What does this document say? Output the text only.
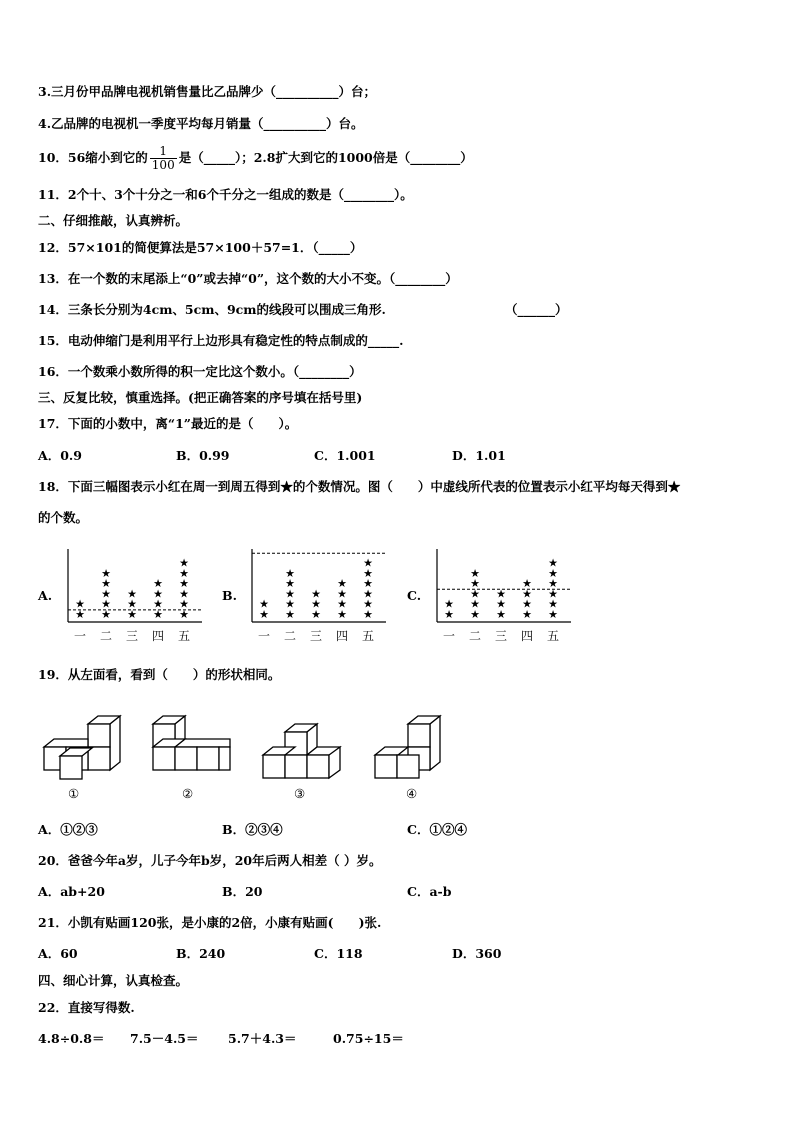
3.三月份甲品牌电视机销售量比乙品牌少（__________）台；
4.乙品牌的电视机一季度平均每月销量（__________）台。
10．56缩小到它的 $\frac{1}{100}$ 是（_____）；2.8扩大到它的1000倍是（________）
11．2个十、3个十分之一和6个千分之一组成的数是（________）。
二、仔细推敲，认真辨析。
12．57×101的简便算法是57×100＋57=1．（_____）
13．在一个数的末尾添上“0”或去掉“0”，这个数的大小不变。（________）
14．三条长分别为4cm、5cm、9cm的线段可以围成三角形.	（______）
15．电动伸缩门是利用平行上边形具有稳定性的特点制成的_____.
16．一个数乘小数所得的积一定比这个数小。（________）
三、反复比较，慎重选择。(把正确答案的序号填在括号里)
17．下面的小数中，离“1”最近的是（　　）。
A．0.9	B．0.99	C．1.001	D．1.01
18．下面三幅图表示小红在周一到周五得到★的个数情况。图（　　）中虚线所代表的位置表示小红平均每天得到★
的个数。
A.	B.	C.
★
★
一
★
★
★
★
★
二
★
★
★
三
★
★
★
★
四
★
★
★
★
★
★
五
★
★
一
★
★
★
★
★
二
★
★
★
三
★
★
★
★
四
★
★
★
★
★
★
五
★
★
一
★
★
★
★
★
二
★
★
★
三
★
★
★
★
四
★
★
★
★
★
★
五
19．从左面看，看到（　　）的形状相同。
①	②	③	④
A．①②③	B．②③④	C．①②④
20．爸爸今年a岁，儿子今年b岁，20年后两人相差（ ）岁。
A．ab+20	B．20	C．a-b
21．小凯有贴画120张，是小康的2倍，小康有贴画(　　)张.
A．60	B．240	C．118	D．360
四、细心计算，认真检查。
22．直接写得数.
4.8÷0.8＝ 7.5－4.5＝ 5.7＋4.3＝	0.75÷15＝
